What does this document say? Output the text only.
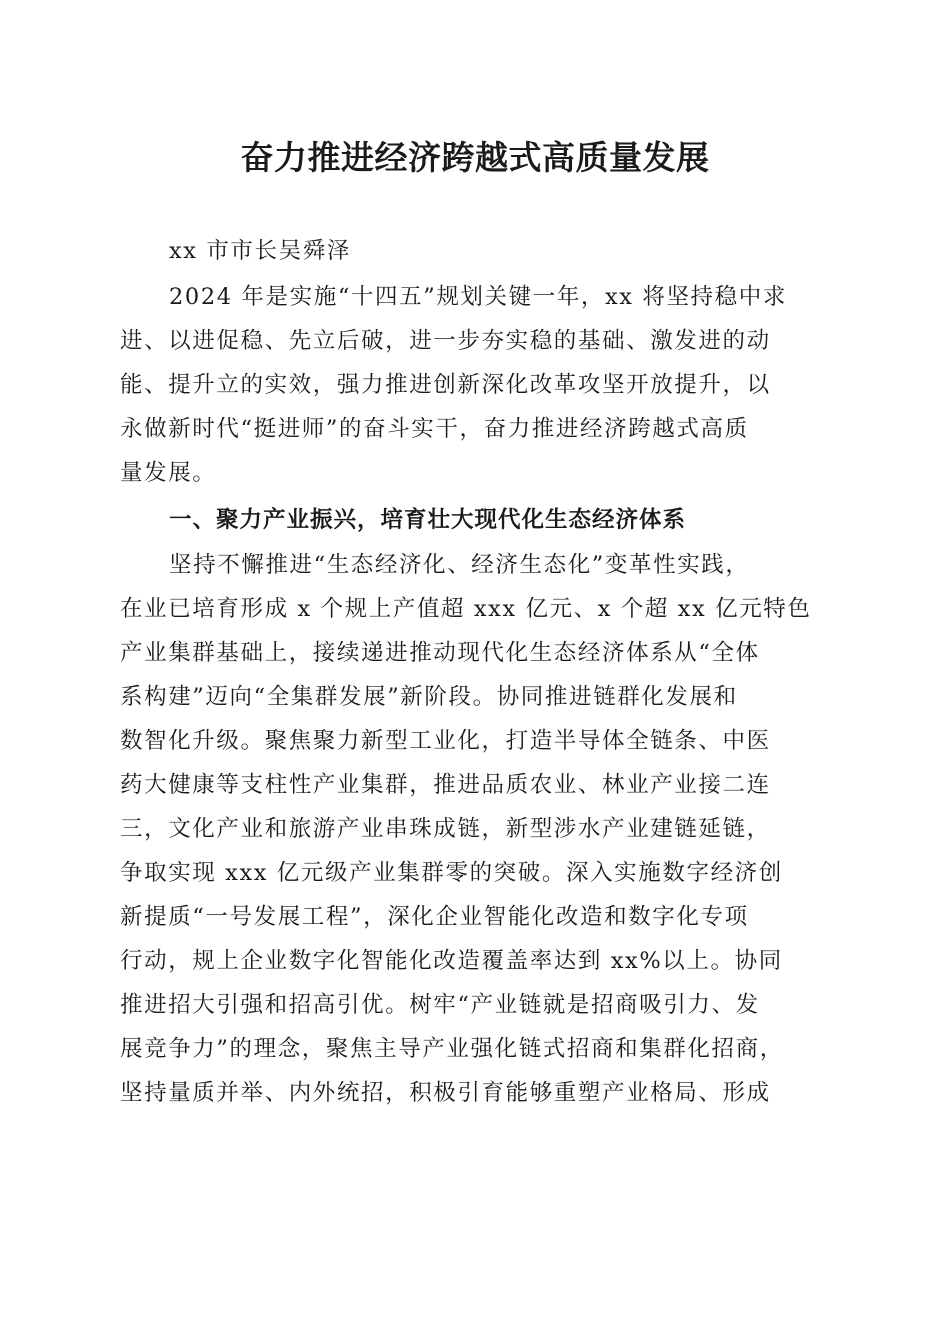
奋力推进经济跨越式高质量发展

xx 市市长吴舜泽

2024 年是实施“十四五”规划关键一年，xx 将坚持稳中求

进、以进促稳、先立后破，进一步夯实稳的基础、激发进的动

能、提升立的实效，强力推进创新深化改革攻坚开放提升，以

永做新时代“挺进师”的奋斗实干，奋力推进经济跨越式高质

量发展。

一、聚力产业振兴，培育壮大现代化生态经济体系

坚持不懈推进“生态经济化、经济生态化”变革性实践，

在业已培育形成 x 个规上产值超 xxx 亿元、x 个超 xx 亿元特色

产业集群基础上，接续递进推动现代化生态经济体系从“全体

系构建”迈向“全集群发展”新阶段。协同推进链群化发展和

数智化升级。聚焦聚力新型工业化，打造半导体全链条、中医

药大健康等支柱性产业集群，推进品质农业、林业产业接二连

三，文化产业和旅游产业串珠成链，新型涉水产业建链延链，

争取实现 xxx 亿元级产业集群零的突破。深入实施数字经济创

新提质“一号发展工程”，深化企业智能化改造和数字化专项

行动，规上企业数字化智能化改造覆盖率达到 xx%以上。协同

推进招大引强和招高引优。树牢“产业链就是招商吸引力、发

展竞争力”的理念，聚焦主导产业强化链式招商和集群化招商，

坚持量质并举、内外统招，积极引育能够重塑产业格局、形成
